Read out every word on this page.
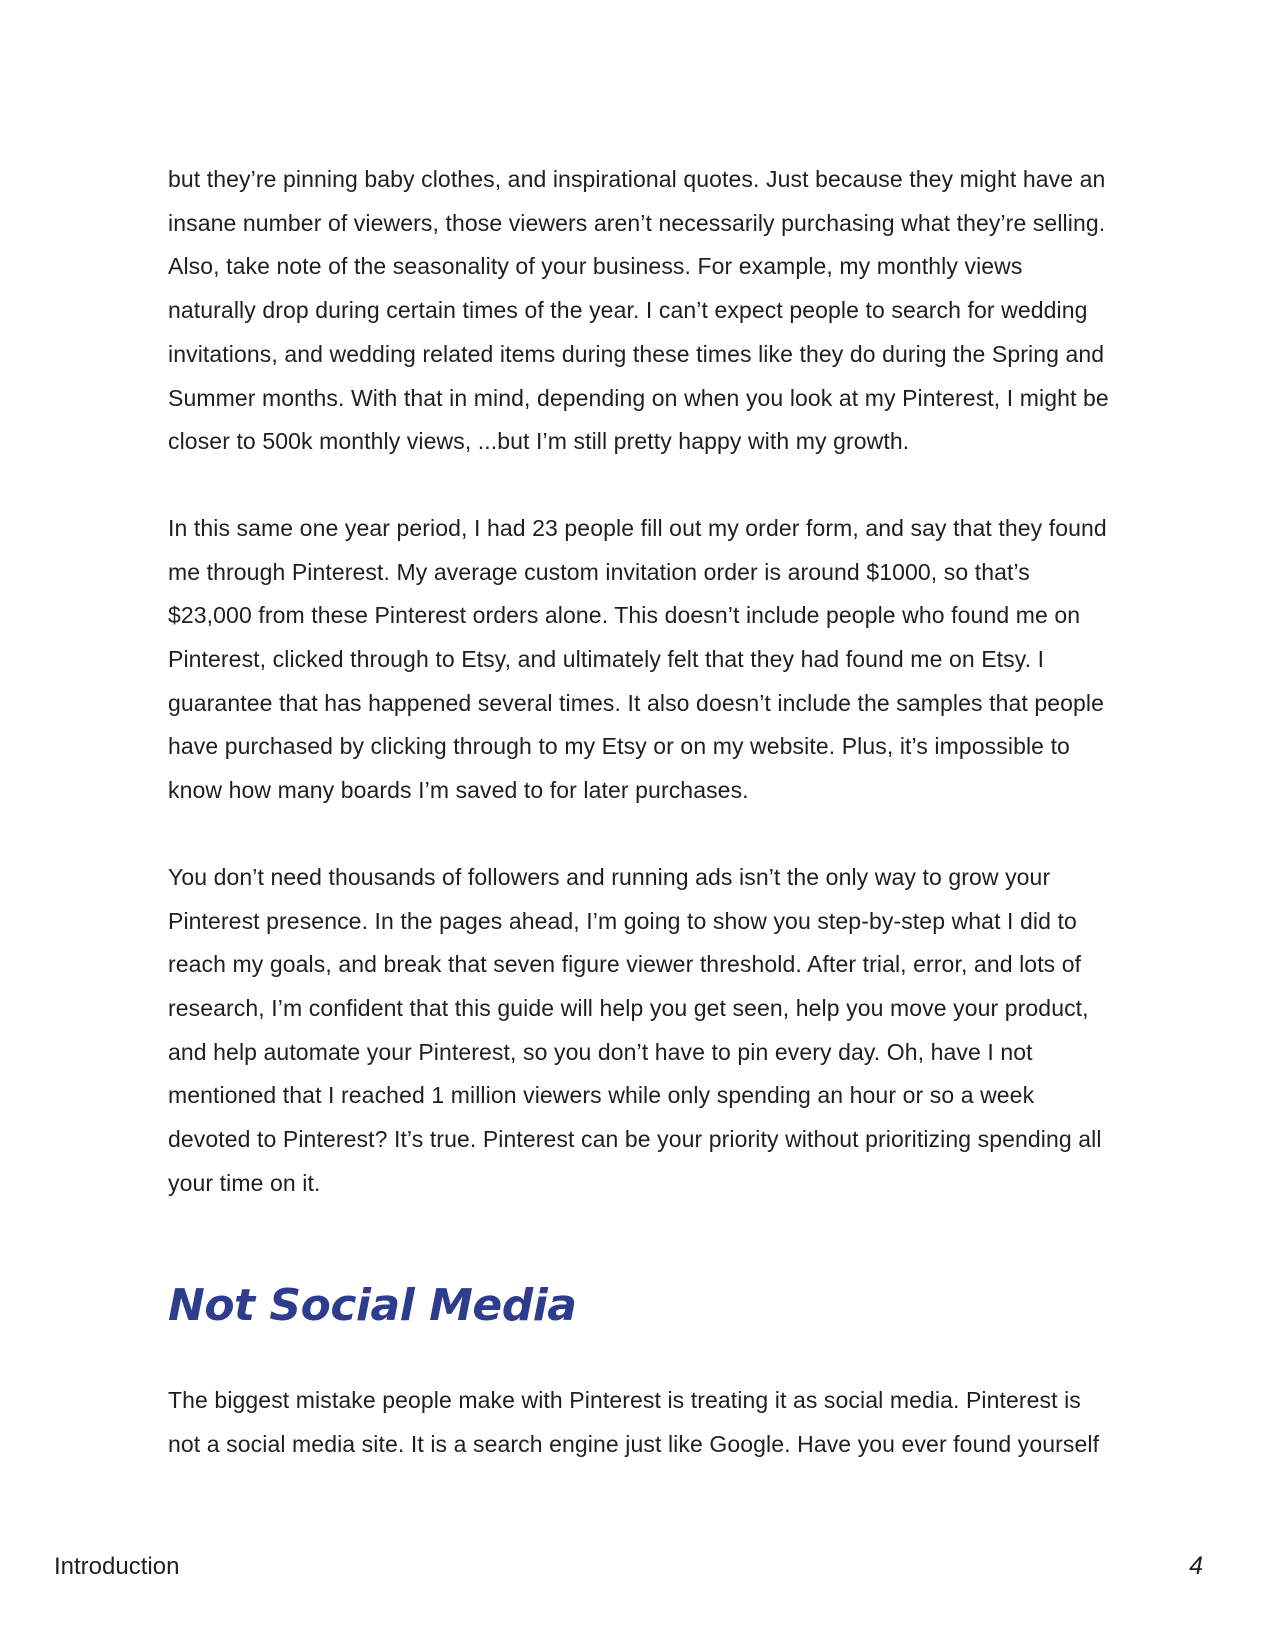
but they’re pinning baby clothes, and inspirational quotes. Just because they might have an insane number of viewers, those viewers aren’t necessarily purchasing what they’re selling. Also, take note of the seasonality of your business. For example, my monthly views naturally drop during certain times of the year. I can’t expect people to search for wedding invitations, and wedding related items during these times like they do during the Spring and Summer months. With that in mind, depending on when you look at my Pinterest, I might be closer to 500k monthly views, ...but I’m still pretty happy with my growth.

In this same one year period, I had 23 people fill out my order form, and say that they found me through Pinterest. My average custom invitation order is around $1000, so that’s $23,000 from these Pinterest orders alone. This doesn’t include people who found me on Pinterest, clicked through to Etsy, and ultimately felt that they had found me on Etsy. I guarantee that has happened several times. It also doesn’t include the samples that people have purchased by clicking through to my Etsy or on my website. Plus, it’s impossible to know how many boards I’m saved to for later purchases.

You don’t need thousands of followers and running ads isn’t the only way to grow your Pinterest presence. In the pages ahead, I’m going to show you step-by-step what I did to reach my goals, and break that seven figure viewer threshold. After trial, error, and lots of research, I’m confident that this guide will help you get seen, help you move your product, and help automate your Pinterest, so you don’t have to pin every day. Oh, have I not mentioned that I reached 1 million viewers while only spending an hour or so a week devoted to Pinterest? It’s true. Pinterest can be your priority without prioritizing spending all your time on it.

Not Social Media

The biggest mistake people make with Pinterest is treating it as social media. Pinterest is not a social media site. It is a search engine just like Google. Have you ever found yourself

Introduction	4
